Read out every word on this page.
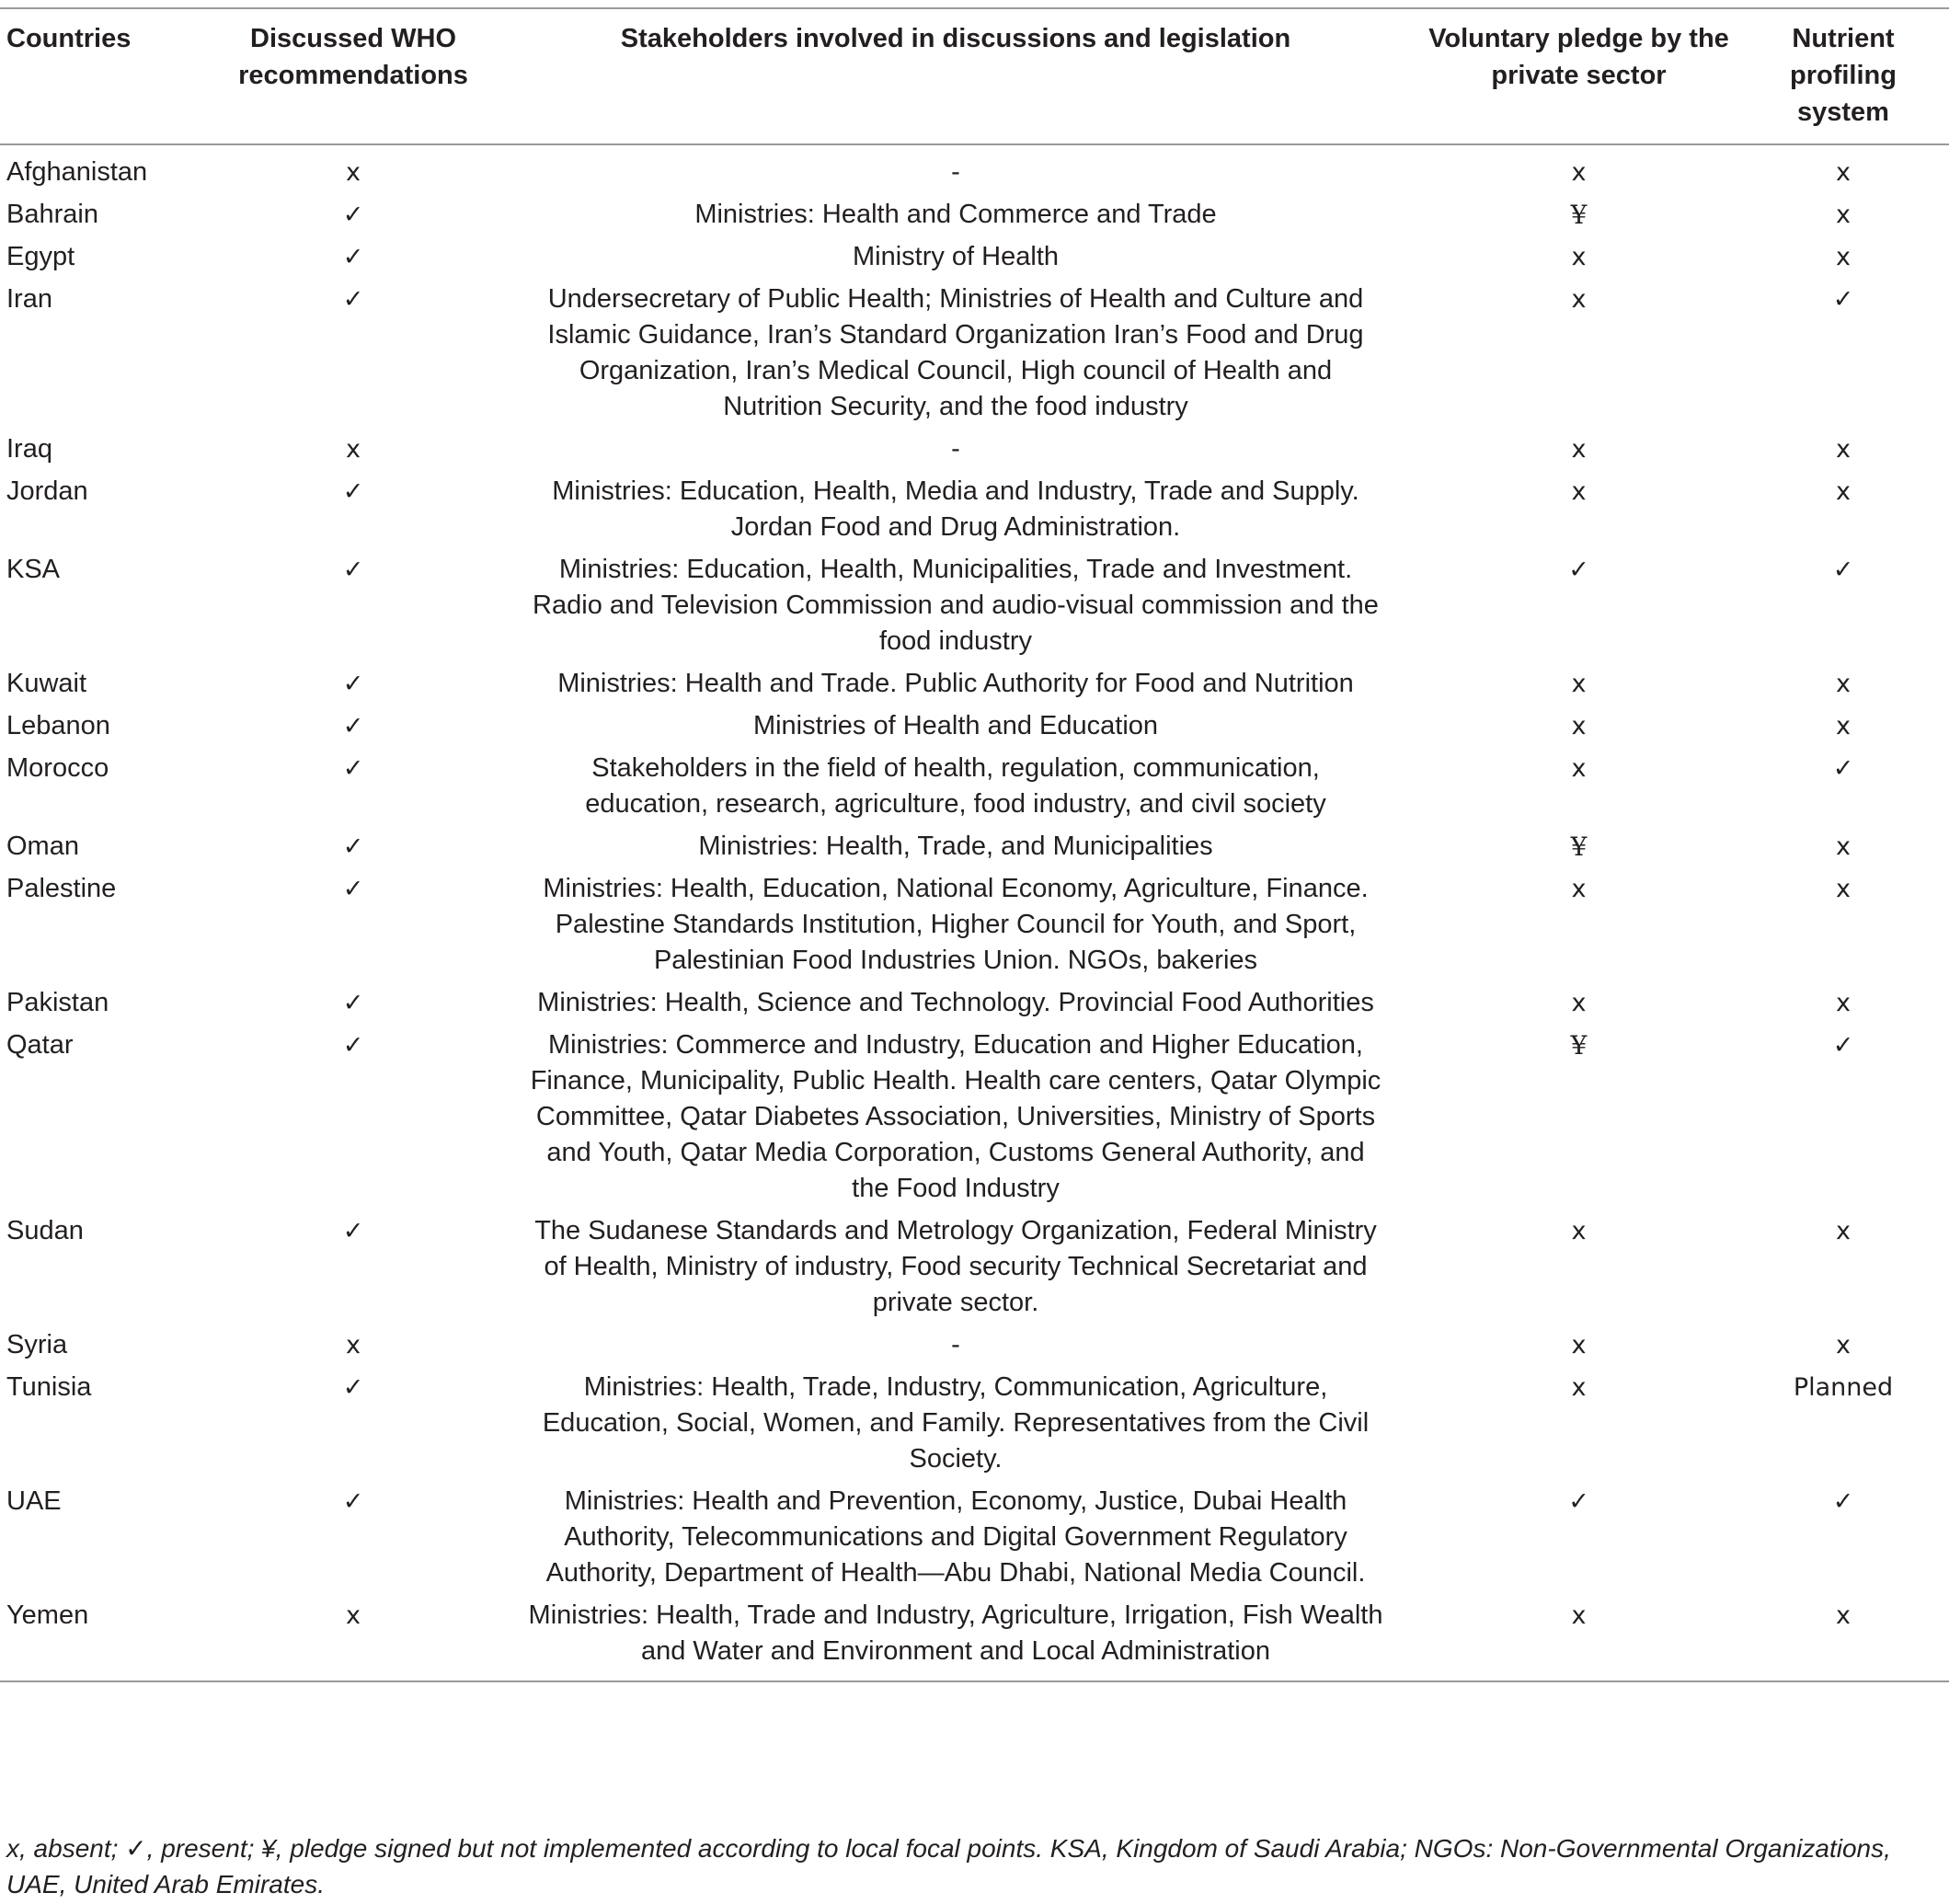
Countries	Discussed WHO recommendations	Stakeholders involved in discussions and legislation	Voluntary pledge by the private sector	Nutrient profiling system
Afghanistan	x	-	x	x
Bahrain	✓	Ministries: Health and Commerce and Trade	¥	x
Egypt	✓	Ministry of Health	x	x
Iran	✓	Undersecretary of Public Health; Ministries of Health and Culture and Islamic Guidance, Iran’s Standard Organization Iran’s Food and Drug Organization, Iran’s Medical Council, High council of Health and Nutrition Security, and the food industry	x	✓
Iraq	x	-	x	x
Jordan	✓	Ministries: Education, Health, Media and Industry, Trade and Supply. Jordan Food and Drug Administration.	x	x
KSA	✓	Ministries: Education, Health, Municipalities, Trade and Investment. Radio and Television Commission and audio-visual commission and the food industry	✓	✓
Kuwait	✓	Ministries: Health and Trade. Public Authority for Food and Nutrition	x	x
Lebanon	✓	Ministries of Health and Education	x	x
Morocco	✓	Stakeholders in the field of health, regulation, communication, education, research, agriculture, food industry, and civil society	x	✓
Oman	✓	Ministries: Health, Trade, and Municipalities	¥	x
Palestine	✓	Ministries: Health, Education, National Economy, Agriculture, Finance. Palestine Standards Institution, Higher Council for Youth, and Sport, Palestinian Food Industries Union. NGOs, bakeries	x	x
Pakistan	✓	Ministries: Health, Science and Technology. Provincial Food Authorities	x	x
Qatar	✓	Ministries: Commerce and Industry, Education and Higher Education, Finance, Municipality, Public Health. Health care centers, Qatar Olympic Committee, Qatar Diabetes Association, Universities, Ministry of Sports and Youth, Qatar Media Corporation, Customs General Authority, and the Food Industry	¥	✓
Sudan	✓	The Sudanese Standards and Metrology Organization, Federal Ministry of Health, Ministry of industry, Food security Technical Secretariat and private sector.	x	x
Syria	x	-	x	x
Tunisia	✓	Ministries: Health, Trade, Industry, Communication, Agriculture, Education, Social, Women, and Family. Representatives from the Civil Society.	x	Planned
UAE	✓	Ministries: Health and Prevention, Economy, Justice, Dubai Health Authority, Telecommunications and Digital Government Regulatory Authority, Department of Health—Abu Dhabi, National Media Council.	✓	✓
Yemen	x	Ministries: Health, Trade and Industry, Agriculture, Irrigation, Fish Wealth and Water and Environment and Local Administration	x	x
x, absent; ✓, present; ¥, pledge signed but not implemented according to local focal points. KSA, Kingdom of Saudi Arabia; NGOs: Non-Governmental Organizations, UAE, United Arab Emirates.
